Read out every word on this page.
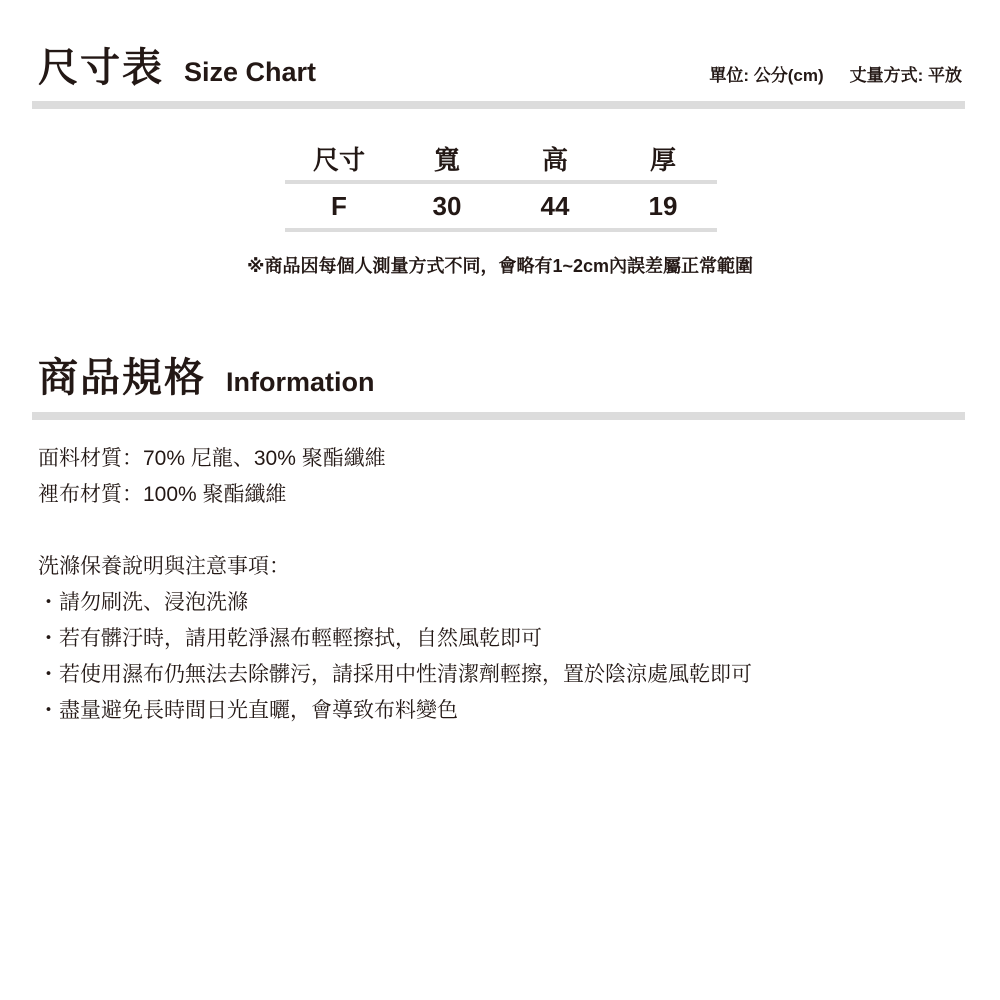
尺寸表 Size Chart	單位: 公分(cm) 丈量方式: 平放
尺寸	寬	高	厚
F	30	44	19

※商品因每個人測量方式不同，會略有1~2cm內誤差屬正常範圍

商品規格 Information

面料材質：70% 尼龍、30% 聚酯纖維

裡布材質：100% 聚酯纖維

洗滌保養說明與注意事項：

・請勿刷洗、浸泡洗滌

・若有髒汙時，請用乾淨濕布輕輕擦拭，自然風乾即可

・若使用濕布仍無法去除髒污，請採用中性清潔劑輕擦，置於陰涼處風乾即可

・盡量避免長時間日光直曬，會導致布料變色
